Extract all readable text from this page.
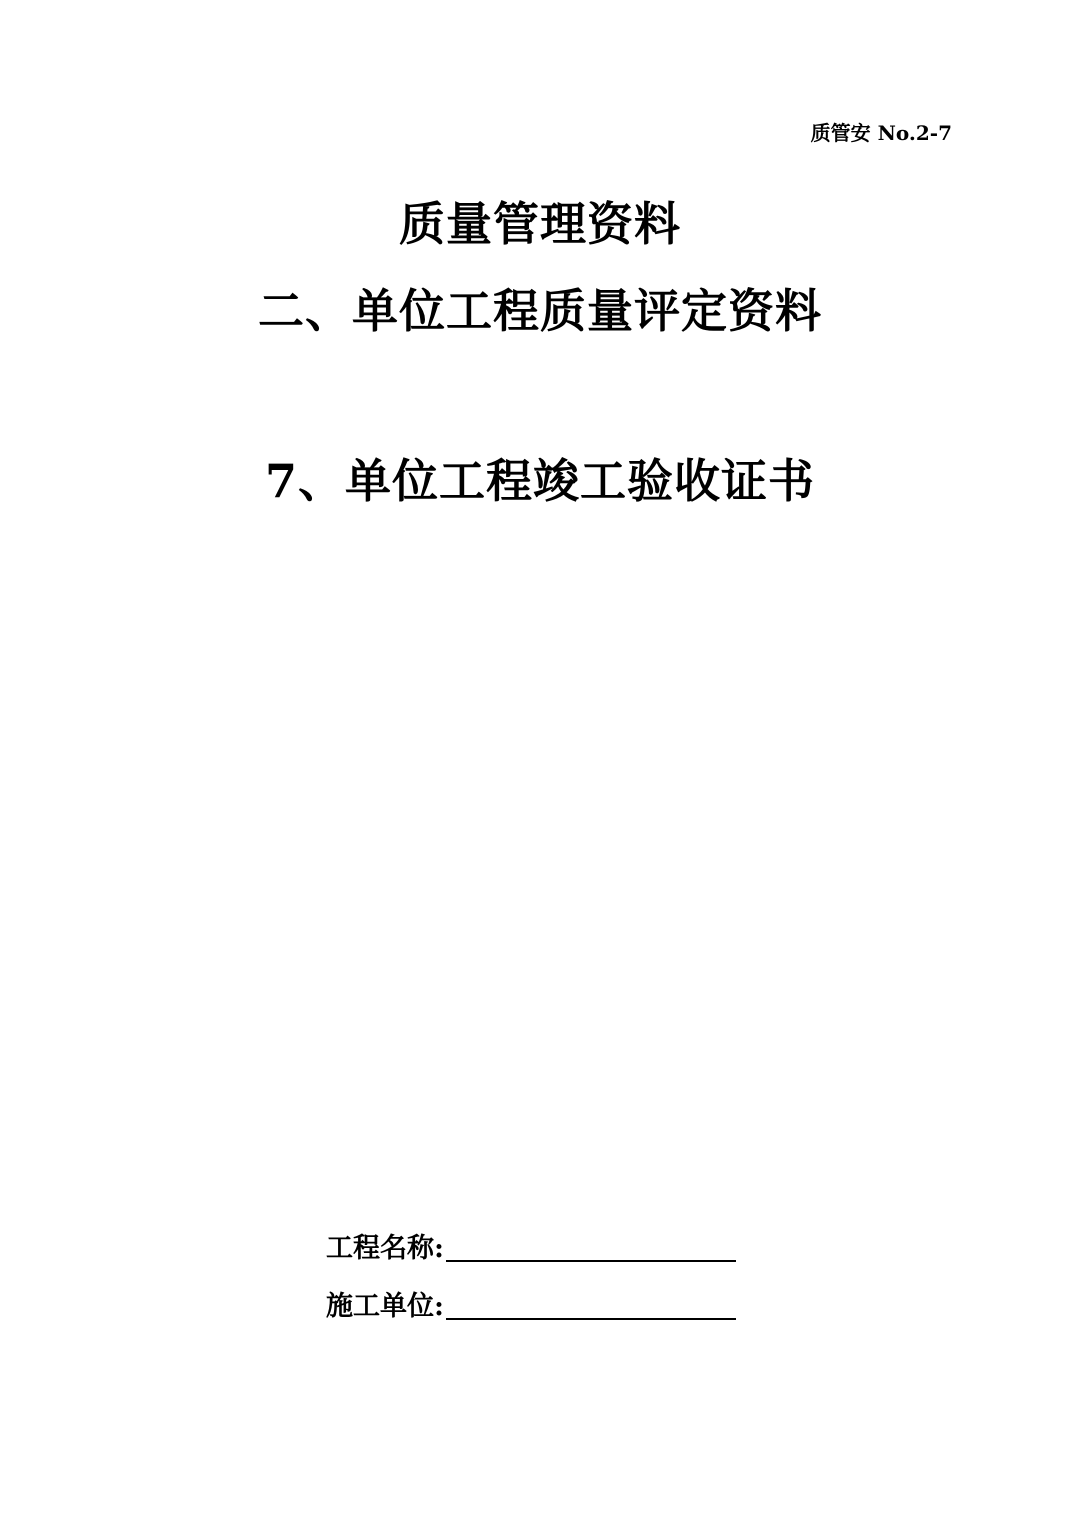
质管安 No.2-7
质量管理资料
二、单位工程质量评定资料
7、单位工程竣工验收证书
工程名称:
施工单位:
